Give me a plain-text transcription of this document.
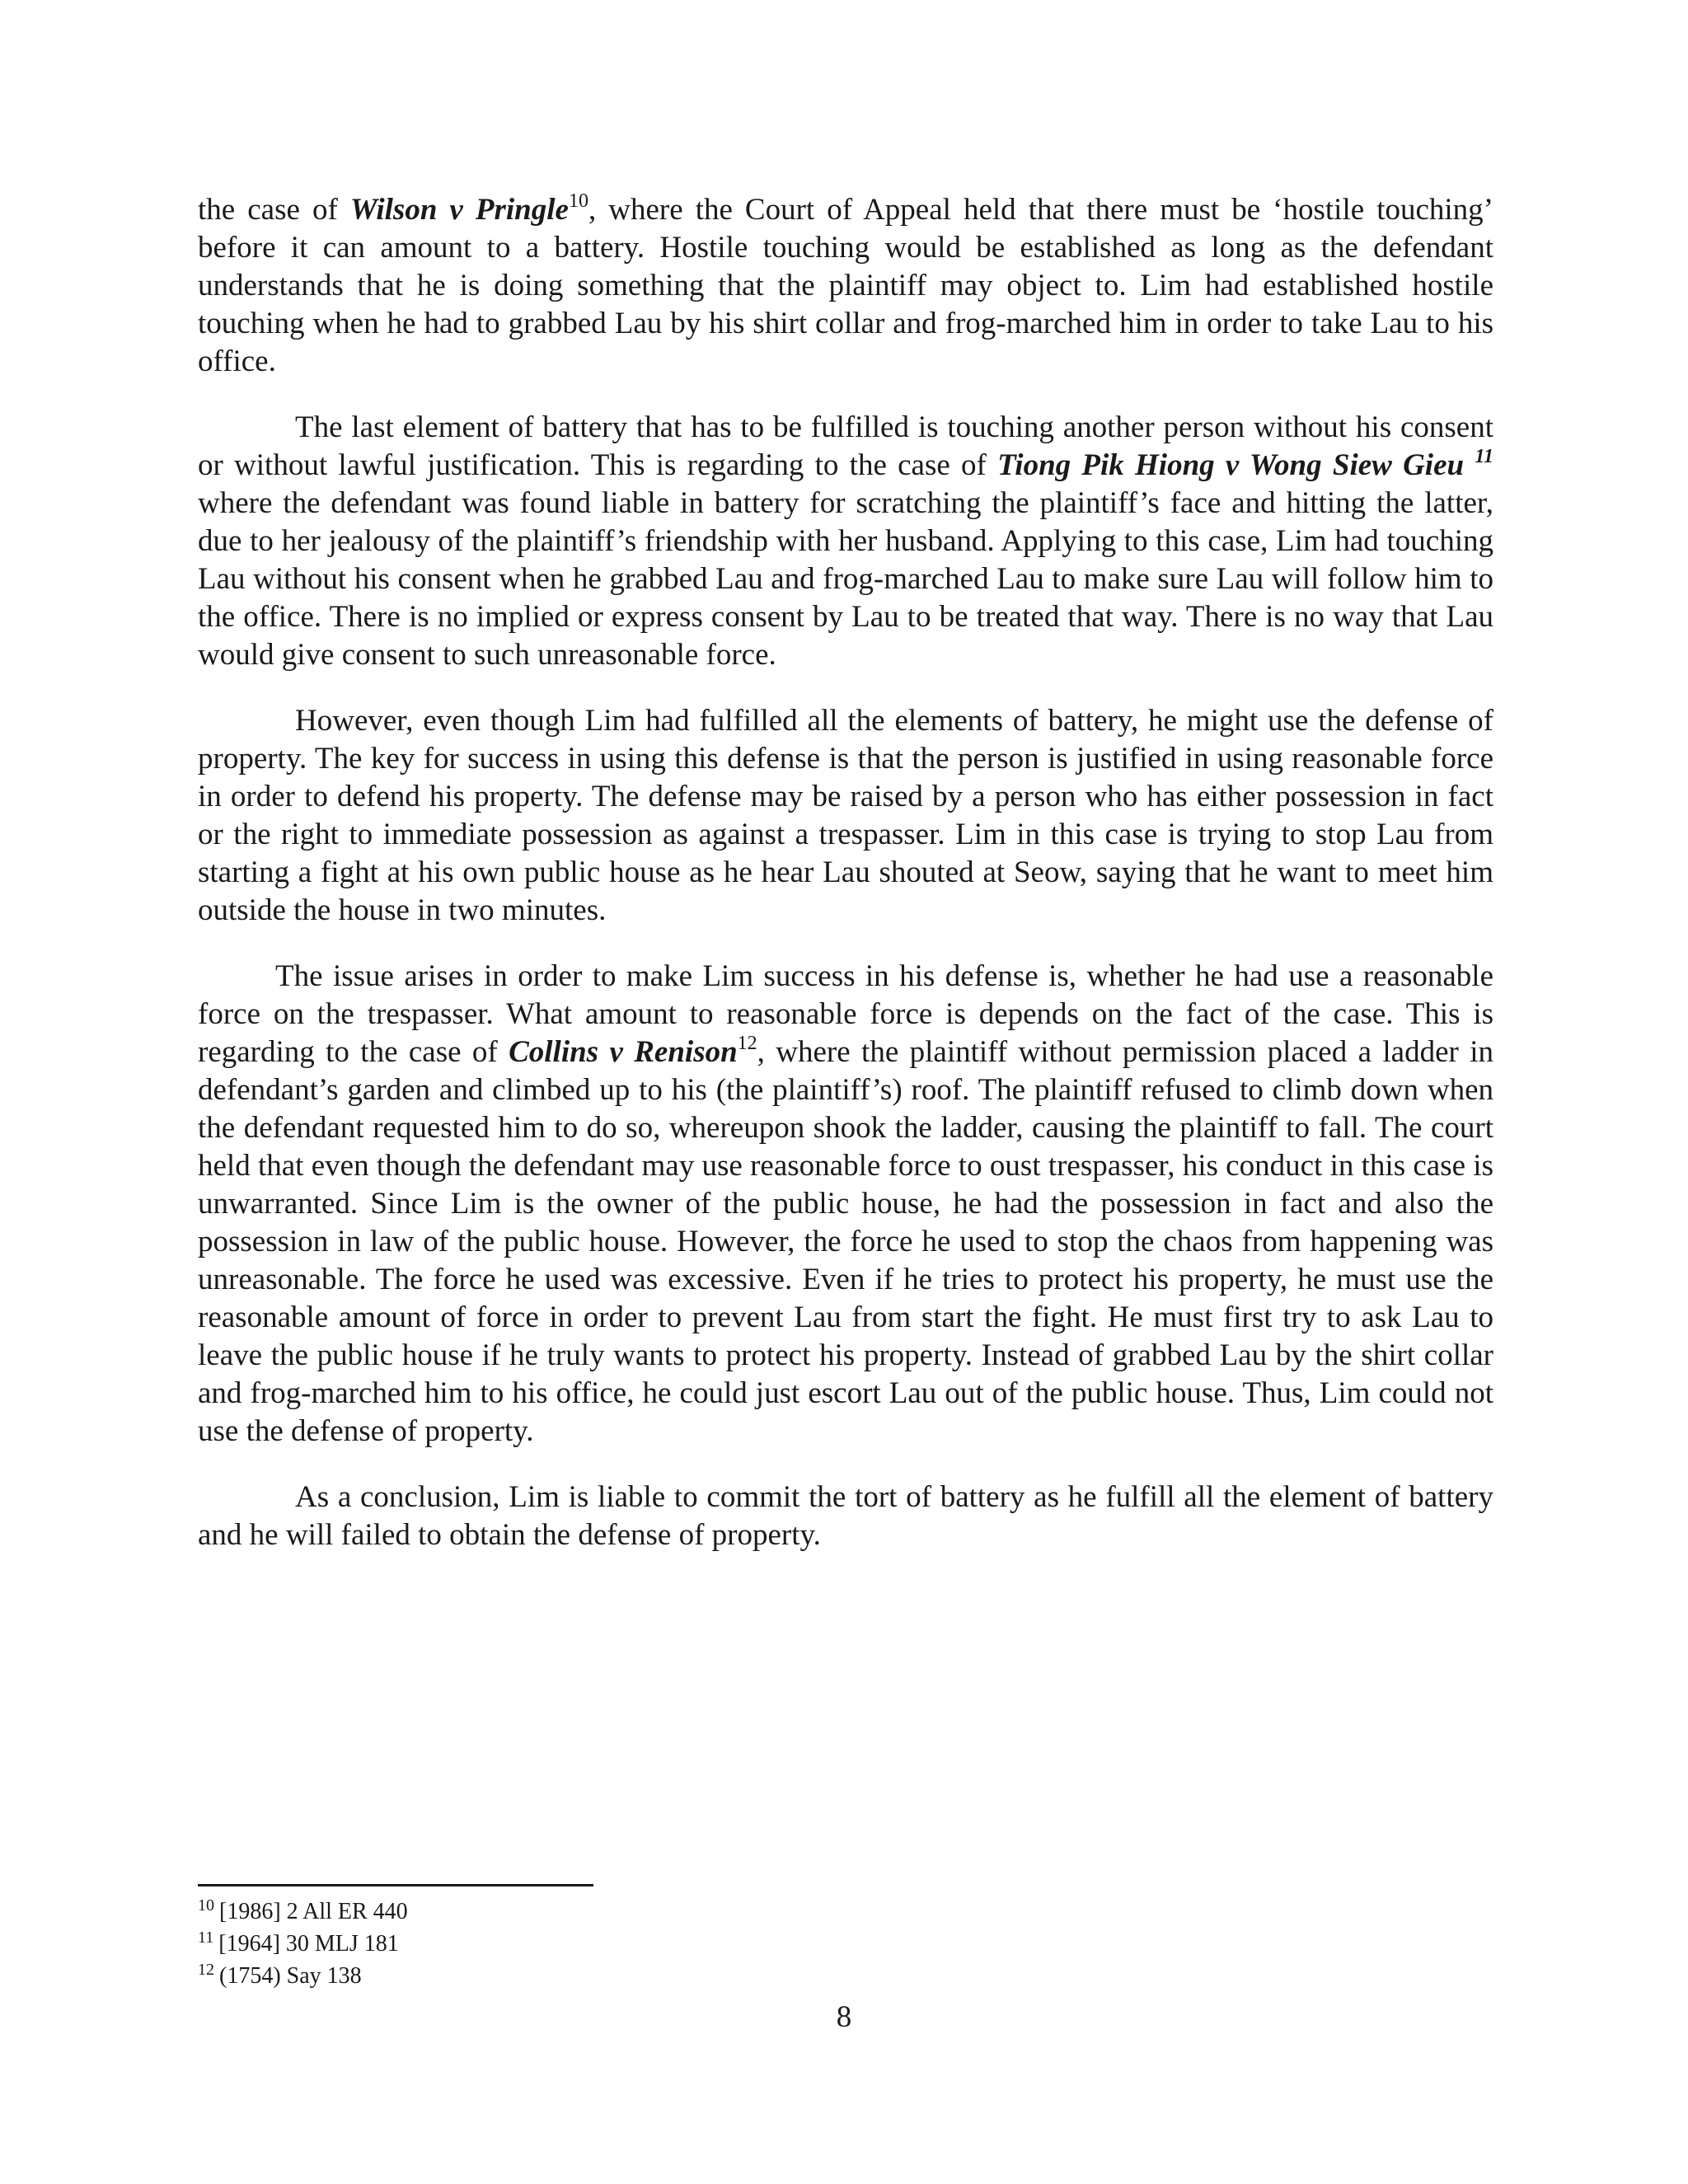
the case of Wilson v Pringle$^{10}$, where the Court of Appeal held that there must be ‘hostile touching’ before it can amount to a battery. Hostile touching would be established as long as the defendant understands that he is doing something that the plaintiff may object to. Lim had established hostile touching when he had to grabbed Lau by his shirt collar and frog-marched him in order to take Lau to his office.

The last element of battery that has to be fulfilled is touching another person without his consent or without lawful justification. This is regarding to the case of Tiong Pik Hiong v Wong Siew Gieu $^{11}$ where the defendant was found liable in battery for scratching the plaintiff’s face and hitting the latter, due to her jealousy of the plaintiff’s friendship with her husband. Applying to this case, Lim had touching Lau without his consent when he grabbed Lau and frog-marched Lau to make sure Lau will follow him to the office. There is no implied or express consent by Lau to be treated that way. There is no way that Lau would give consent to such unreasonable force.

However, even though Lim had fulfilled all the elements of battery, he might use the defense of property. The key for success in using this defense is that the person is justified in using reasonable force in order to defend his property. The defense may be raised by a person who has either possession in fact or the right to immediate possession as against a trespasser. Lim in this case is trying to stop Lau from starting a fight at his own public house as he hear Lau shouted at Seow, saying that he want to meet him outside the house in two minutes.

The issue arises in order to make Lim success in his defense is, whether he had use a reasonable force on the trespasser. What amount to reasonable force is depends on the fact of the case. This is regarding to the case of Collins v Renison$^{12}$, where the plaintiff without permission placed a ladder in defendant’s garden and climbed up to his (the plaintiff’s) roof. The plaintiff refused to climb down when the defendant requested him to do so, whereupon shook the ladder, causing the plaintiff to fall. The court held that even though the defendant may use reasonable force to oust trespasser, his conduct in this case is unwarranted. Since Lim is the owner of the public house, he had the possession in fact and also the possession in law of the public house. However, the force he used to stop the chaos from happening was unreasonable. The force he used was excessive. Even if he tries to protect his property, he must use the reasonable amount of force in order to prevent Lau from start the fight. He must first try to ask Lau to leave the public house if he truly wants to protect his property. Instead of grabbed Lau by the shirt collar and frog-marched him to his office, he could just escort Lau out of the public house. Thus, Lim could not use the defense of property.

As a conclusion, Lim is liable to commit the tort of battery as he fulfill all the element of battery and he will failed to obtain the defense of property.

$^{10}$ [1986] 2 All ER 440

$^{11}$ [1964] 30 MLJ 181

$^{12}$ (1754) Say 138

8
